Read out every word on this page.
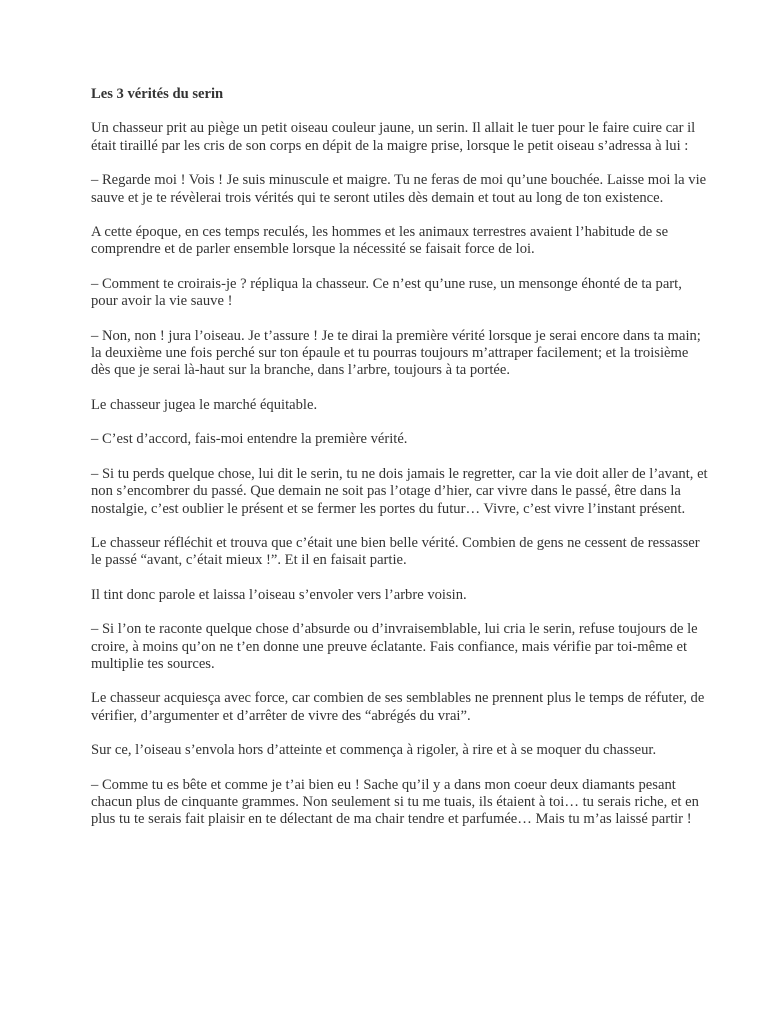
Les 3 vérités du serin
Un chasseur prit au piège un petit oiseau couleur jaune, un serin. Il allait le tuer pour le faire cuire car il était tiraillé par les cris de son corps en dépit de la maigre prise, lorsque le petit oiseau s’adressa à lui :
– Regarde moi ! Vois ! Je suis minuscule et maigre. Tu ne feras de moi qu’une bouchée. Laisse moi la vie sauve et je te révèlerai trois vérités qui te seront utiles dès demain et tout au long de ton existence.
A cette époque, en ces temps reculés, les hommes et les animaux terrestres avaient l’habitude de se comprendre et de parler ensemble lorsque la nécessité se faisait force de loi.
– Comment te croirais-je ? répliqua la chasseur. Ce n’est qu’une ruse, un mensonge éhonté de ta part, pour avoir la vie sauve !
– Non, non ! jura l’oiseau. Je t’assure ! Je te dirai la première vérité lorsque je serai encore dans ta main; la deuxième une fois perché sur ton épaule et tu pourras toujours m’attraper facilement; et la troisième dès que je serai là-haut sur la branche, dans l’arbre, toujours à ta portée.
Le chasseur jugea le marché équitable.
– C’est d’accord, fais-moi entendre la première vérité.
– Si tu perds quelque chose, lui dit le serin, tu ne dois jamais le regretter, car la vie doit aller de l’avant, et non s’encombrer du passé. Que demain ne soit pas l’otage d’hier, car vivre dans le passé, être dans la nostalgie, c’est oublier le présent et se fermer les portes du futur… Vivre, c’est vivre l’instant présent.
Le chasseur réfléchit et trouva que c’était une bien belle vérité. Combien de gens ne cessent de ressasser le passé “avant, c’était mieux !”. Et il en faisait partie.
Il tint donc parole et laissa l’oiseau s’envoler vers l’arbre voisin.
– Si l’on te raconte quelque chose d’absurde ou d’invraisemblable, lui cria le serin, refuse toujours de le croire, à moins qu’on ne t’en donne une preuve éclatante. Fais confiance, mais vérifie par toi-même et multiplie tes sources.
Le chasseur acquiesça avec force, car combien de ses semblables ne prennent plus le temps de réfuter, de vérifier, d’argumenter et d’arrêter de vivre des “abrégés du vrai”.
Sur ce, l’oiseau s’envola hors d’atteinte et commença à rigoler, à rire et à se moquer du chasseur.
– Comme tu es bête et comme je t’ai bien eu ! Sache qu’il y a dans mon coeur deux diamants pesant chacun plus de cinquante grammes. Non seulement si tu me tuais, ils étaient à toi… tu serais riche, et en plus tu te serais fait plaisir en te délectant de ma chair tendre et parfumée… Mais tu m’as laissé partir !
